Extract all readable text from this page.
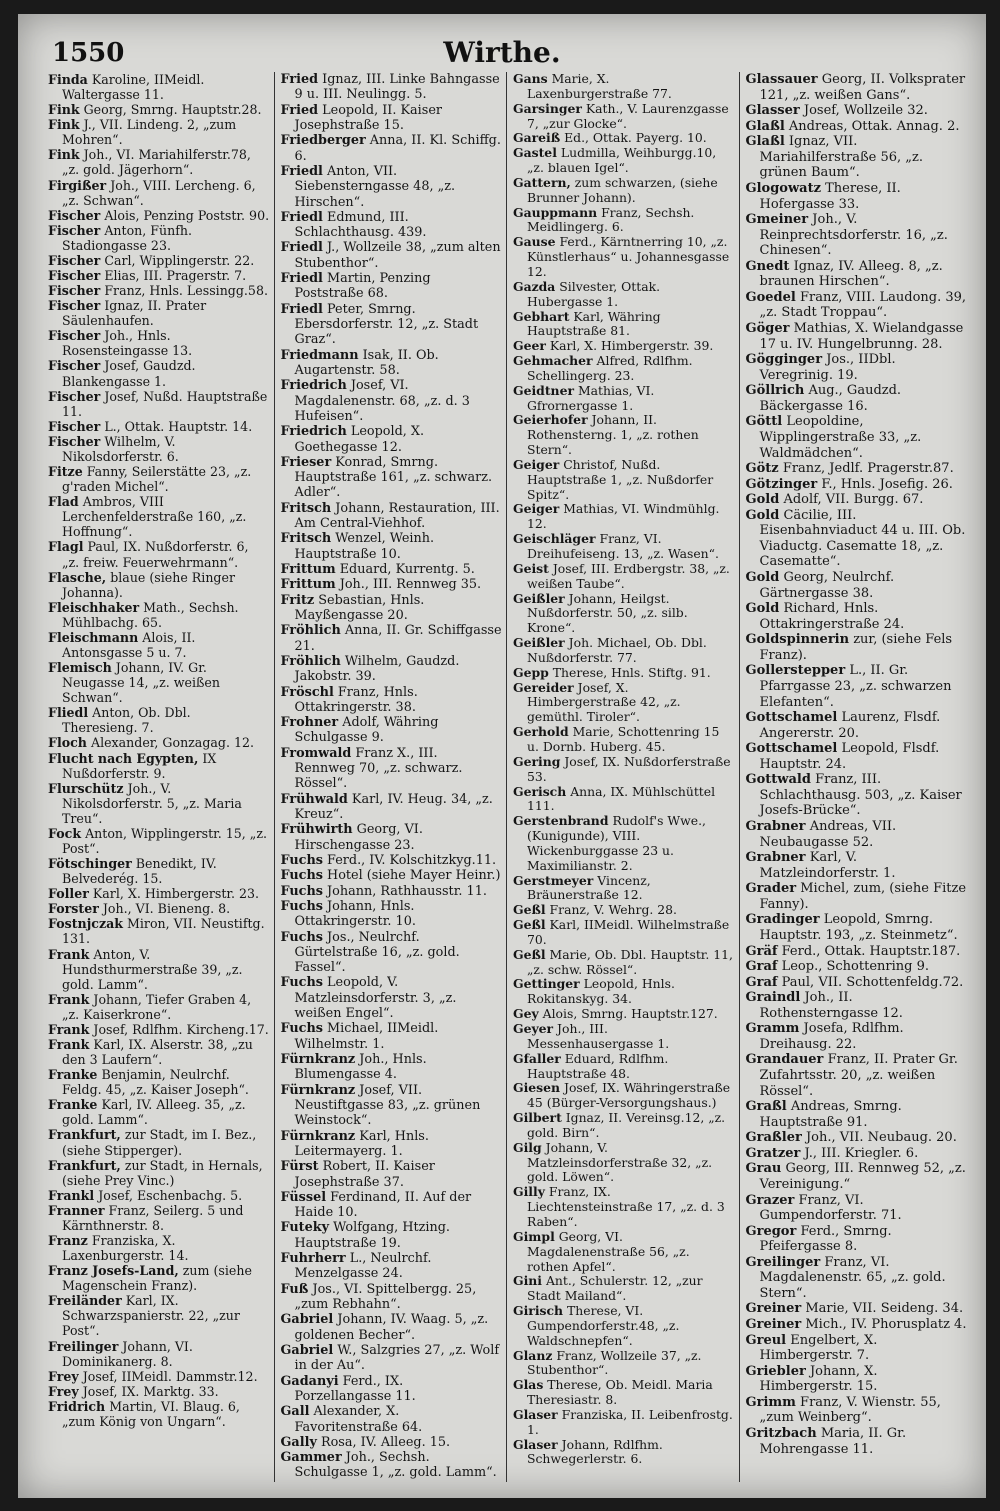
1550	Wirthe.

Finda Karoline, IIMeidl. Waltergasse 11.

Fink Georg, Smrng. Hauptstr.28.

Fink J., VII. Lindeng. 2, „zum Mohren“.

Fink Joh., VI. Mariahilferstr.78, „z. gold. Jägerhorn“.

Firgißer Joh., VIII. Lercheng. 6, „z. Schwan“.

Fischer Alois, Penzing Poststr. 90.

Fischer Anton, Fünfh. Stadiongasse 23.

Fischer Carl, Wipplingerstr. 22.

Fischer Elias, III. Pragerstr. 7.

Fischer Franz, Hnls. Lessingg.58.

Fischer Ignaz, II. Prater Säulenhaufen.

Fischer Joh., Hnls. Rosensteingasse 13.

Fischer Josef, Gaudzd. Blankengasse 1.

Fischer Josef, Nußd. Hauptstraße 11.

Fischer L., Ottak. Hauptstr. 14.

Fischer Wilhelm, V. Nikolsdorferstr. 6.

Fitze Fanny, Seilerstätte 23, „z. g'raden Michel“.

Flad Ambros, VIII Lerchenfelderstraße 160, „z. Hoffnung“.

Flagl Paul, IX. Nußdorferstr. 6, „z. freiw. Feuerwehrmann“.

Flasche, blaue (siehe Ringer Johanna).

Fleischhaker Math., Sechsh. Mühlbachg. 65.

Fleischmann Alois, II. Antonsgasse 5 u. 7.

Flemisch Johann, IV. Gr. Neugasse 14, „z. weißen Schwan“.

Fliedl Anton, Ob. Dbl. Theresieng. 7.

Floch Alexander, Gonzagag. 12.

Flucht nach Egypten, IX Nußdorferstr. 9.

Flurschütz Joh., V. Nikolsdorferstr. 5, „z. Maria Treu“.

Fock Anton, Wipplingerstr. 15, „z. Post“.

Fötschinger Benedikt, IV. Belvederég. 15.

Foller Karl, X. Himbergerstr. 23.

Forster Joh., VI. Bieneng. 8.

Fostnjczak Miron, VII. Neustiftg. 131.

Frank Anton, V. Hundsthurmerstraße 39, „z. gold. Lamm“.

Frank Johann, Tiefer Graben 4, „z. Kaiserkrone“.

Frank Josef, Rdlfhm. Kircheng.17.

Frank Karl, IX. Alserstr. 38, „zu den 3 Laufern“.

Franke Benjamin, Neulrchf. Feldg. 45, „z. Kaiser Joseph“.

Franke Karl, IV. Alleeg. 35, „z. gold. Lamm“.

Frankfurt, zur Stadt, im I. Bez., (siehe Stipperger).

Frankfurt, zur Stadt, in Hernals, (siehe Prey Vinc.)

Frankl Josef, Eschenbachg. 5.

Franner Franz, Seilerg. 5 und Kärnthnerstr. 8.

Franz Franziska, X. Laxenburgerstr. 14.

Franz Josefs-Land, zum (siehe Magenschein Franz).

Freiländer Karl, IX. Schwarzspanierstr. 22, „zur Post“.

Freilinger Johann, VI. Dominikanerg. 8.

Frey Josef, IIMeidl. Dammstr.12.

Frey Josef, IX. Marktg. 33.

Fridrich Martin, VI. Blaug. 6, „zum König von Ungarn“.

Fried Ignaz, III. Linke Bahngasse 9 u. III. Neulingg. 5.

Fried Leopold, II. Kaiser Josephstraße 15.

Friedberger Anna, II. Kl. Schiffg. 6.

Friedl Anton, VII. Siebensterngasse 48, „z. Hirschen“.

Friedl Edmund, III. Schlachthausg. 439.

Friedl J., Wollzeile 38, „zum alten Stubenthor“.

Friedl Martin, Penzing Poststraße 68.

Friedl Peter, Smrng. Ebersdorferstr. 12, „z. Stadt Graz“.

Friedmann Isak, II. Ob. Augartenstr. 58.

Friedrich Josef, VI. Magdalenenstr. 68, „z. d. 3 Hufeisen“.

Friedrich Leopold, X. Goethegasse 12.

Frieser Konrad, Smrng. Hauptstraße 161, „z. schwarz. Adler“.

Fritsch Johann, Restauration, III. Am Central-Viehhof.

Fritsch Wenzel, Weinh. Hauptstraße 10.

Frittum Eduard, Kurrentg. 5.

Frittum Joh., III. Rennweg 35.

Fritz Sebastian, Hnls. Mayßengasse 20.

Fröhlich Anna, II. Gr. Schiffgasse 21.

Fröhlich Wilhelm, Gaudzd. Jakobstr. 39.

Fröschl Franz, Hnls. Ottakringerstr. 38.

Frohner Adolf, Währing Schulgasse 9.

Fromwald Franz X., III. Rennweg 70, „z. schwarz. Rössel“.

Frühwald Karl, IV. Heug. 34, „z. Kreuz“.

Frühwirth Georg, VI. Hirschengasse 23.

Fuchs Ferd., IV. Kolschitzkyg.11.

Fuchs Hotel (siehe Mayer Heinr.)

Fuchs Johann, Rathhausstr. 11.

Fuchs Johann, Hnls. Ottakringerstr. 10.

Fuchs Jos., Neulrchf. Gürtelstraße 16, „z. gold. Fassel“.

Fuchs Leopold, V. Matzleinsdorferstr. 3, „z. weißen Engel“.

Fuchs Michael, IIMeidl. Wilhelmstr. 1.

Fürnkranz Joh., Hnls. Blumengasse 4.

Fürnkranz Josef, VII. Neustiftgasse 83, „z. grünen Weinstock“.

Fürnkranz Karl, Hnls. Leitermayerg. 1.

Fürst Robert, II. Kaiser Josephstraße 37.

Füssel Ferdinand, II. Auf der Haide 10.

Futeky Wolfgang, Htzing. Hauptstraße 19.

Fuhrherr L., Neulrchf. Menzelgasse 24.

Fuß Jos., VI. Spittelbergg. 25, „zum Rebhahn“.

Gabriel Johann, IV. Waag. 5, „z. goldenen Becher“.

Gabriel W., Salzgries 27, „z. Wolf in der Au“.

Gadanyi Ferd., IX. Porzellangasse 11.

Gall Alexander, X. Favoritenstraße 64.

Gally Rosa, IV. Alleeg. 15.

Gammer Joh., Sechsh. Schulgasse 1, „z. gold. Lamm“.

Gans Marie, X. Laxenburgerstraße 77.

Garsinger Kath., V. Laurenzgasse 7, „zur Glocke“.

Gareiß Ed., Ottak. Payerg. 10.

Gastel Ludmilla, Weihburgg.10, „z. blauen Igel“.

Gattern, zum schwarzen, (siehe Brunner Johann).

Gauppmann Franz, Sechsh. Meidlingerg. 6.

Gause Ferd., Kärntnerring 10, „z. Künstlerhaus“ u. Johannesgasse 12.

Gazda Silvester, Ottak. Hubergasse 1.

Gebhart Karl, Währing Hauptstraße 81.

Geer Karl, X. Himbergerstr. 39.

Gehmacher Alfred, Rdlfhm. Schellingerg. 23.

Geidtner Mathias, VI. Gfrornergasse 1.

Geierhofer Johann, II. Rothensterng. 1, „z. rothen Stern“.

Geiger Christof, Nußd. Hauptstraße 1, „z. Nußdorfer Spitz“.

Geiger Mathias, VI. Windmühlg. 12.

Geischläger Franz, VI. Dreihufeiseng. 13, „z. Wasen“.

Geist Josef, III. Erdbergstr. 38, „z. weißen Taube“.

Geißler Johann, Heilgst. Nußdorferstr. 50, „z. silb. Krone“.

Geißler Joh. Michael, Ob. Dbl. Nußdorferstr. 77.

Gepp Therese, Hnls. Stiftg. 91.

Gereider Josef, X. Himbergerstraße 42, „z. gemüthl. Tiroler“.

Gerhold Marie, Schottenring 15 u. Dornb. Huberg. 45.

Gering Josef, IX. Nußdorferstraße 53.

Gerisch Anna, IX. Mühlschüttel 111.

Gerstenbrand Rudolf's Wwe., (Kunigunde), VIII. Wickenburggasse 23 u. Maximilianstr. 2.

Gerstmeyer Vincenz, Bräunerstraße 12.

Geßl Franz, V. Wehrg. 28.

Geßl Karl, IIMeidl. Wilhelmstraße 70.

Geßl Marie, Ob. Dbl. Hauptstr. 11, „z. schw. Rössel“.

Gettinger Leopold, Hnls. Rokitanskyg. 34.

Gey Alois, Smrng. Hauptstr.127.

Geyer Joh., III. Messenhausergasse 1.

Gfaller Eduard, Rdlfhm. Hauptstraße 48.

Giesen Josef, IX. Währingerstraße 45 (Bürger-Versorgungshaus.)

Gilbert Ignaz, II. Vereinsg.12, „z. gold. Birn“.

Gilg Johann, V. Matzleinsdorferstraße 32, „z. gold. Löwen“.

Gilly Franz, IX. Liechtensteinstraße 17, „z. d. 3 Raben“.

Gimpl Georg, VI. Magdalenenstraße 56, „z. rothen Apfel“.

Gini Ant., Schulerstr. 12, „zur Stadt Mailand“.

Girisch Therese, VI. Gumpendorferstr.48, „z. Waldschnepfen“.

Glanz Franz, Wollzeile 37, „z. Stubenthor“.

Glas Therese, Ob. Meidl. Maria Theresiastr. 8.

Glaser Franziska, II. Leibenfrostg. 1.

Glaser Johann, Rdlfhm. Schwegerlerstr. 6.

Glassauer Georg, II. Volksprater 121, „z. weißen Gans“.

Glasser Josef, Wollzeile 32.

Glaßl Andreas, Ottak. Annag. 2.

Glaßl Ignaz, VII. Mariahilferstraße 56, „z. grünen Baum“.

Glogowatz Therese, II. Hofergasse 33.

Gmeiner Joh., V. Reinprechtsdorferstr. 16, „z. Chinesen“.

Gnedt Ignaz, IV. Alleeg. 8, „z. braunen Hirschen“.

Goedel Franz, VIII. Laudong. 39, „z. Stadt Troppau“.

Göger Mathias, X. Wielandgasse 17 u. IV. Hungelbrunng. 28.

Gögginger Jos., IIDbl. Veregrinig. 19.

Göllrich Aug., Gaudzd. Bäckergasse 16.

Göttl Leopoldine, Wipplingerstraße 33, „z. Waldmädchen“.

Götz Franz, Jedlf. Pragerstr.87.

Götzinger F., Hnls. Josefig. 26.

Gold Adolf, VII. Burgg. 67.

Gold Cäcilie, III. Eisenbahnviaduct 44 u. III. Ob. Viaductg. Casematte 18, „z. Casematte“.

Gold Georg, Neulrchf. Gärtnergasse 38.

Gold Richard, Hnls. Ottakringerstraße 24.

Goldspinnerin zur, (siehe Fels Franz).

Gollerstepper L., II. Gr. Pfarrgasse 23, „z. schwarzen Elefanten“.

Gottschamel Laurenz, Flsdf. Angererstr. 20.

Gottschamel Leopold, Flsdf. Hauptstr. 24.

Gottwald Franz, III. Schlachthausg. 503, „z. Kaiser Josefs-Brücke“.

Grabner Andreas, VII. Neubaugasse 52.

Grabner Karl, V. Matzleindorferstr. 1.

Grader Michel, zum, (siehe Fitze Fanny).

Gradinger Leopold, Smrng. Hauptstr. 193, „z. Steinmetz“.

Gräf Ferd., Ottak. Hauptstr.187.

Graf Leop., Schottenring 9.

Graf Paul, VII. Schottenfeldg.72.

Graindl Joh., II. Rothensterngasse 12.

Gramm Josefa, Rdlfhm. Dreihausg. 22.

Grandauer Franz, II. Prater Gr. Zufahrtsstr. 20, „z. weißen Rössel“.

Graßl Andreas, Smrng. Hauptstraße 91.

Graßler Joh., VII. Neubaug. 20.

Gratzer J., III. Kriegler. 6.

Grau Georg, III. Rennweg 52, „z. Vereinigung.“

Grazer Franz, VI. Gumpendorferstr. 71.

Gregor Ferd., Smrng. Pfeifergasse 8.

Greilinger Franz, VI. Magdalenenstr. 65, „z. gold. Stern“.

Greiner Marie, VII. Seideng. 34.

Greiner Mich., IV. Phorusplatz 4.

Greul Engelbert, X. Himbergerstr. 7.

Griebler Johann, X. Himbergerstr. 15.

Grimm Franz, V. Wienstr. 55, „zum Weinberg“.

Gritzbach Maria, II. Gr. Mohrengasse 11.
